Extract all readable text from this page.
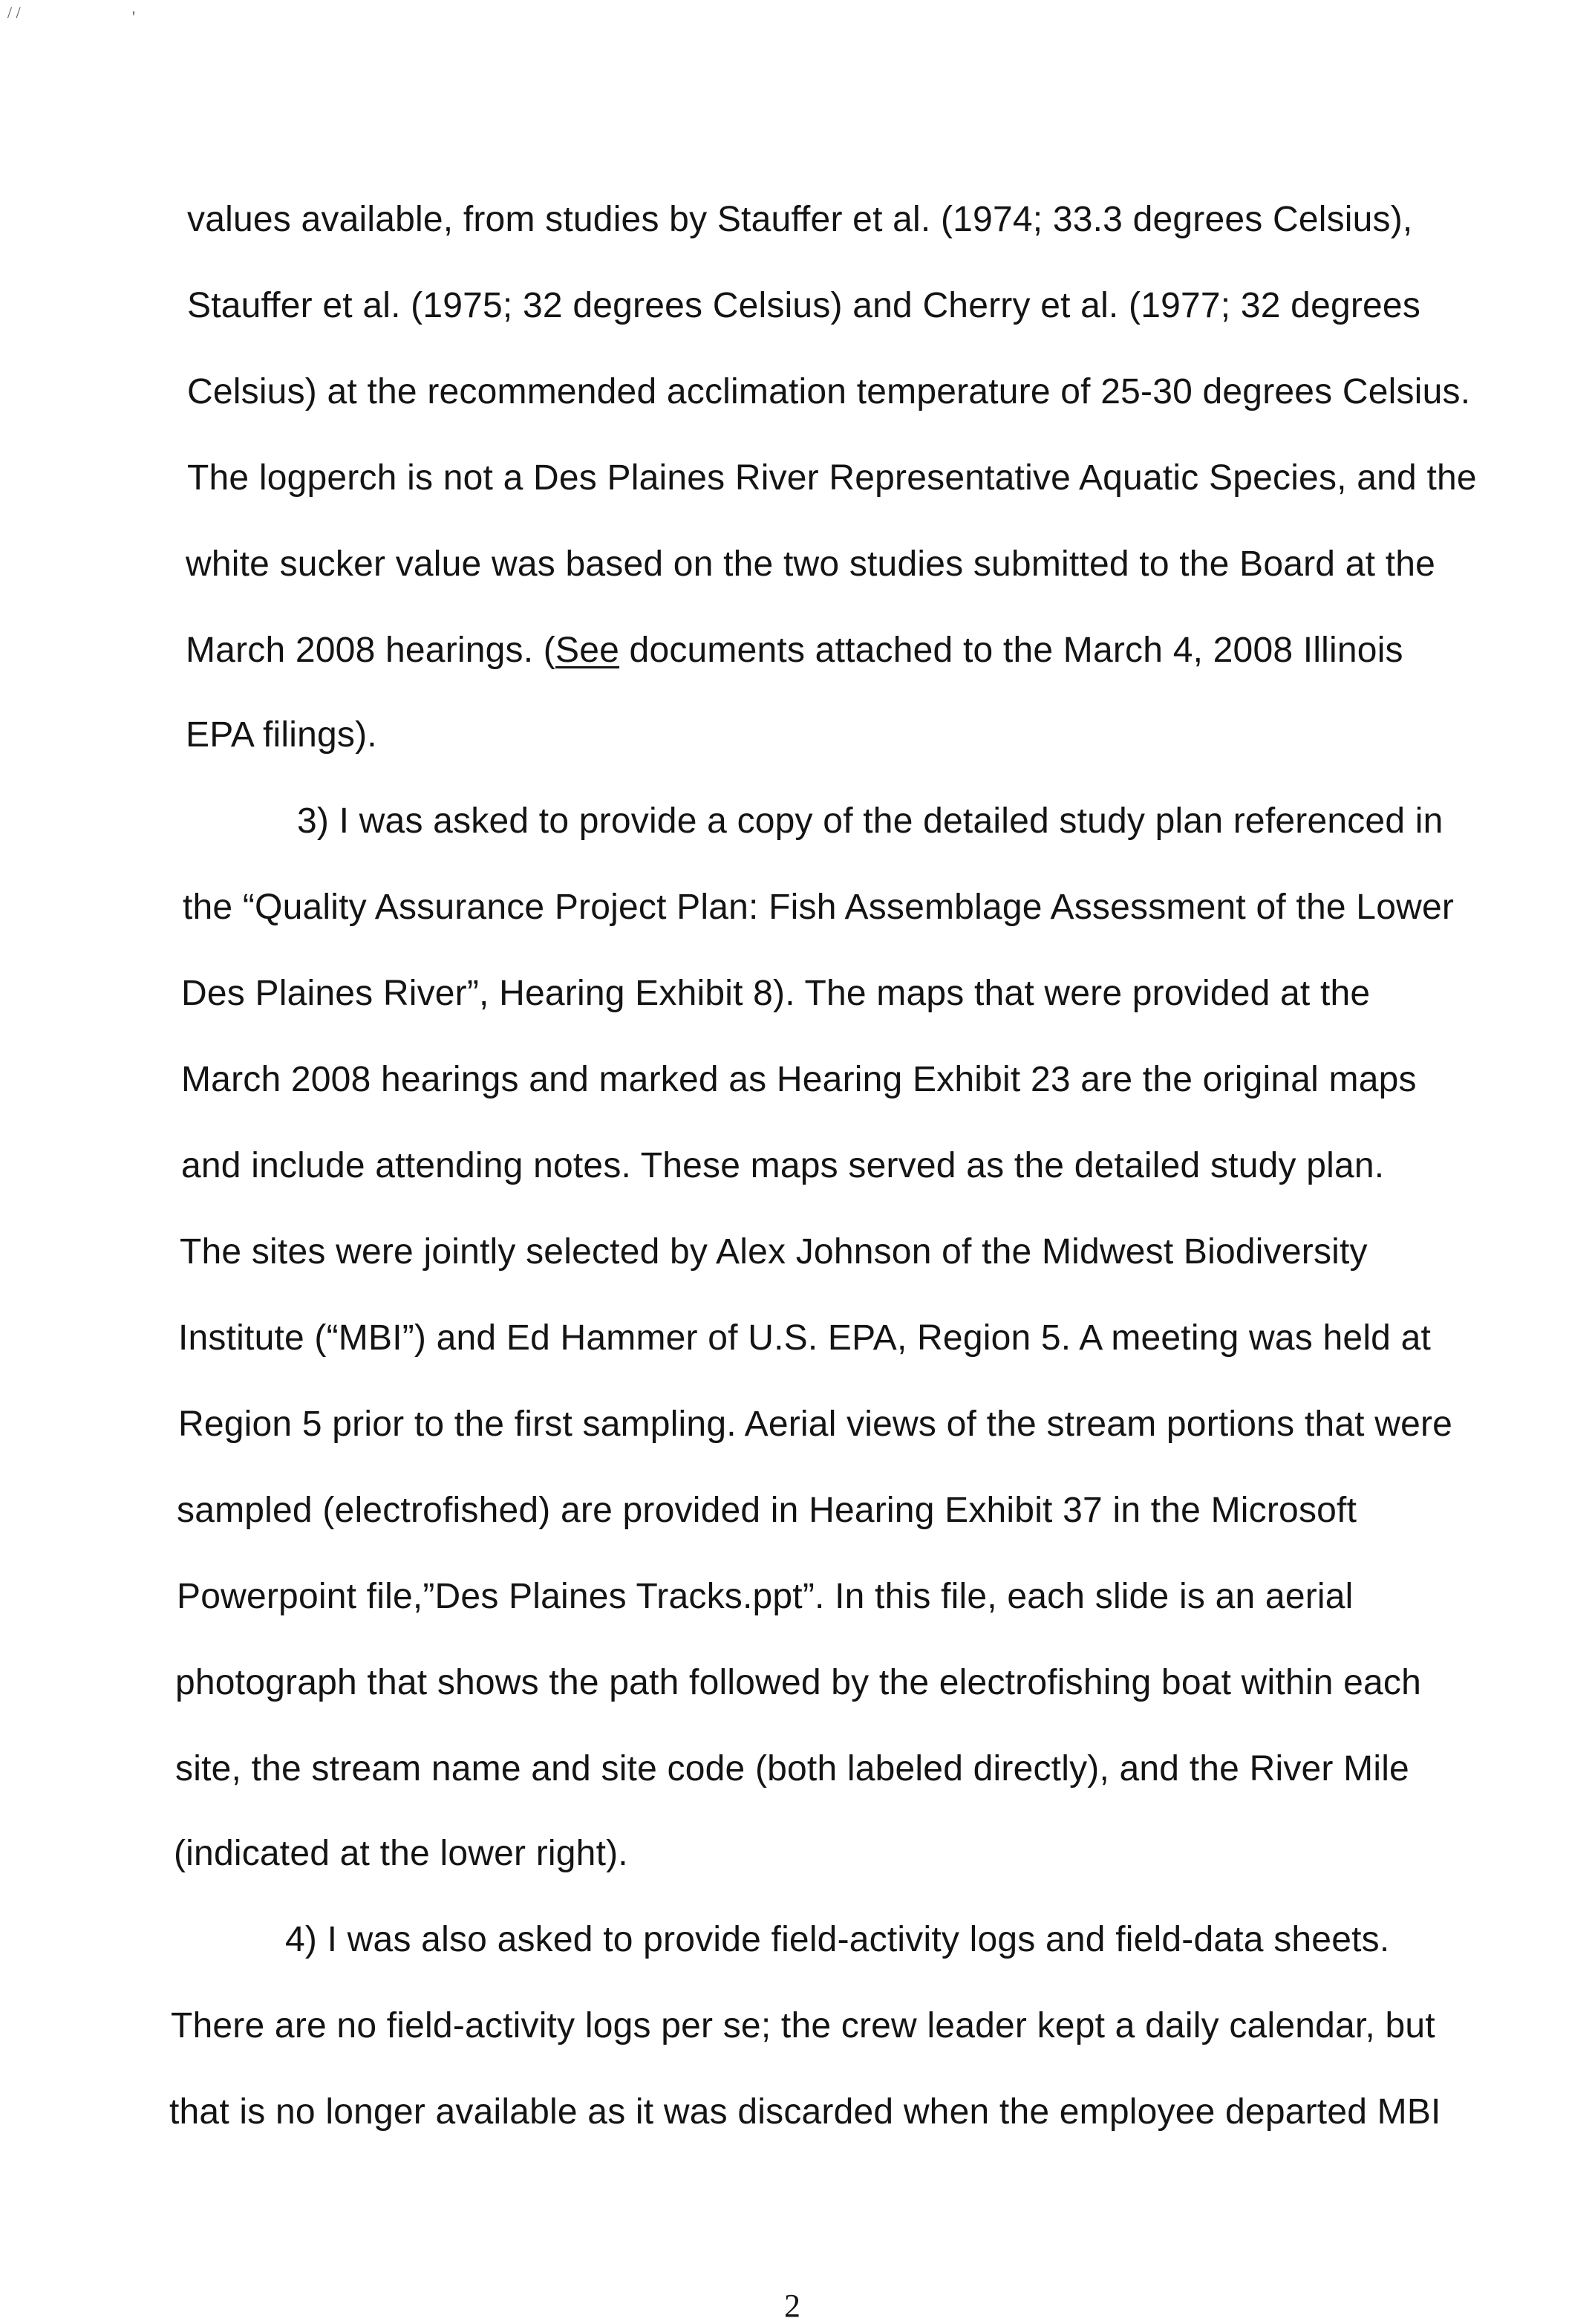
/ /	'
values available, from studies by Stauffer et al. (1974; 33.3 degrees Celsius),
Stauffer et al. (1975; 32 degrees Celsius) and Cherry et al. (1977; 32 degrees
Celsius) at the recommended acclimation temperature of 25-30 degrees Celsius.
The logperch is not a Des Plaines River Representative Aquatic Species, and the
white sucker value was based on the two studies submitted to the Board at the
March 2008 hearings. (See documents attached to the March 4, 2008 Illinois
EPA filings).
3) I was asked to provide a copy of the detailed study plan referenced in
the “Quality Assurance Project Plan: Fish Assemblage Assessment of the Lower
Des Plaines River”, Hearing Exhibit 8). The maps that were provided at the
March 2008 hearings and marked as Hearing Exhibit 23 are the original maps
and include attending notes. These maps served as the detailed study plan.
The sites were jointly selected by Alex Johnson of the Midwest Biodiversity
Institute (“MBI”) and Ed Hammer of U.S. EPA, Region 5. A meeting was held at
Region 5 prior to the first sampling. Aerial views of the stream portions that were
sampled (electrofished) are provided in Hearing Exhibit 37 in the Microsoft
Powerpoint file,”Des Plaines Tracks.ppt”. In this file, each slide is an aerial
photograph that shows the path followed by the electrofishing boat within each
site, the stream name and site code (both labeled directly), and the River Mile
(indicated at the lower right).
4) I was also asked to provide field-activity logs and field-data sheets.
There are no field-activity logs per se; the crew leader kept a daily calendar, but
that is no longer available as it was discarded when the employee departed MBI
2
